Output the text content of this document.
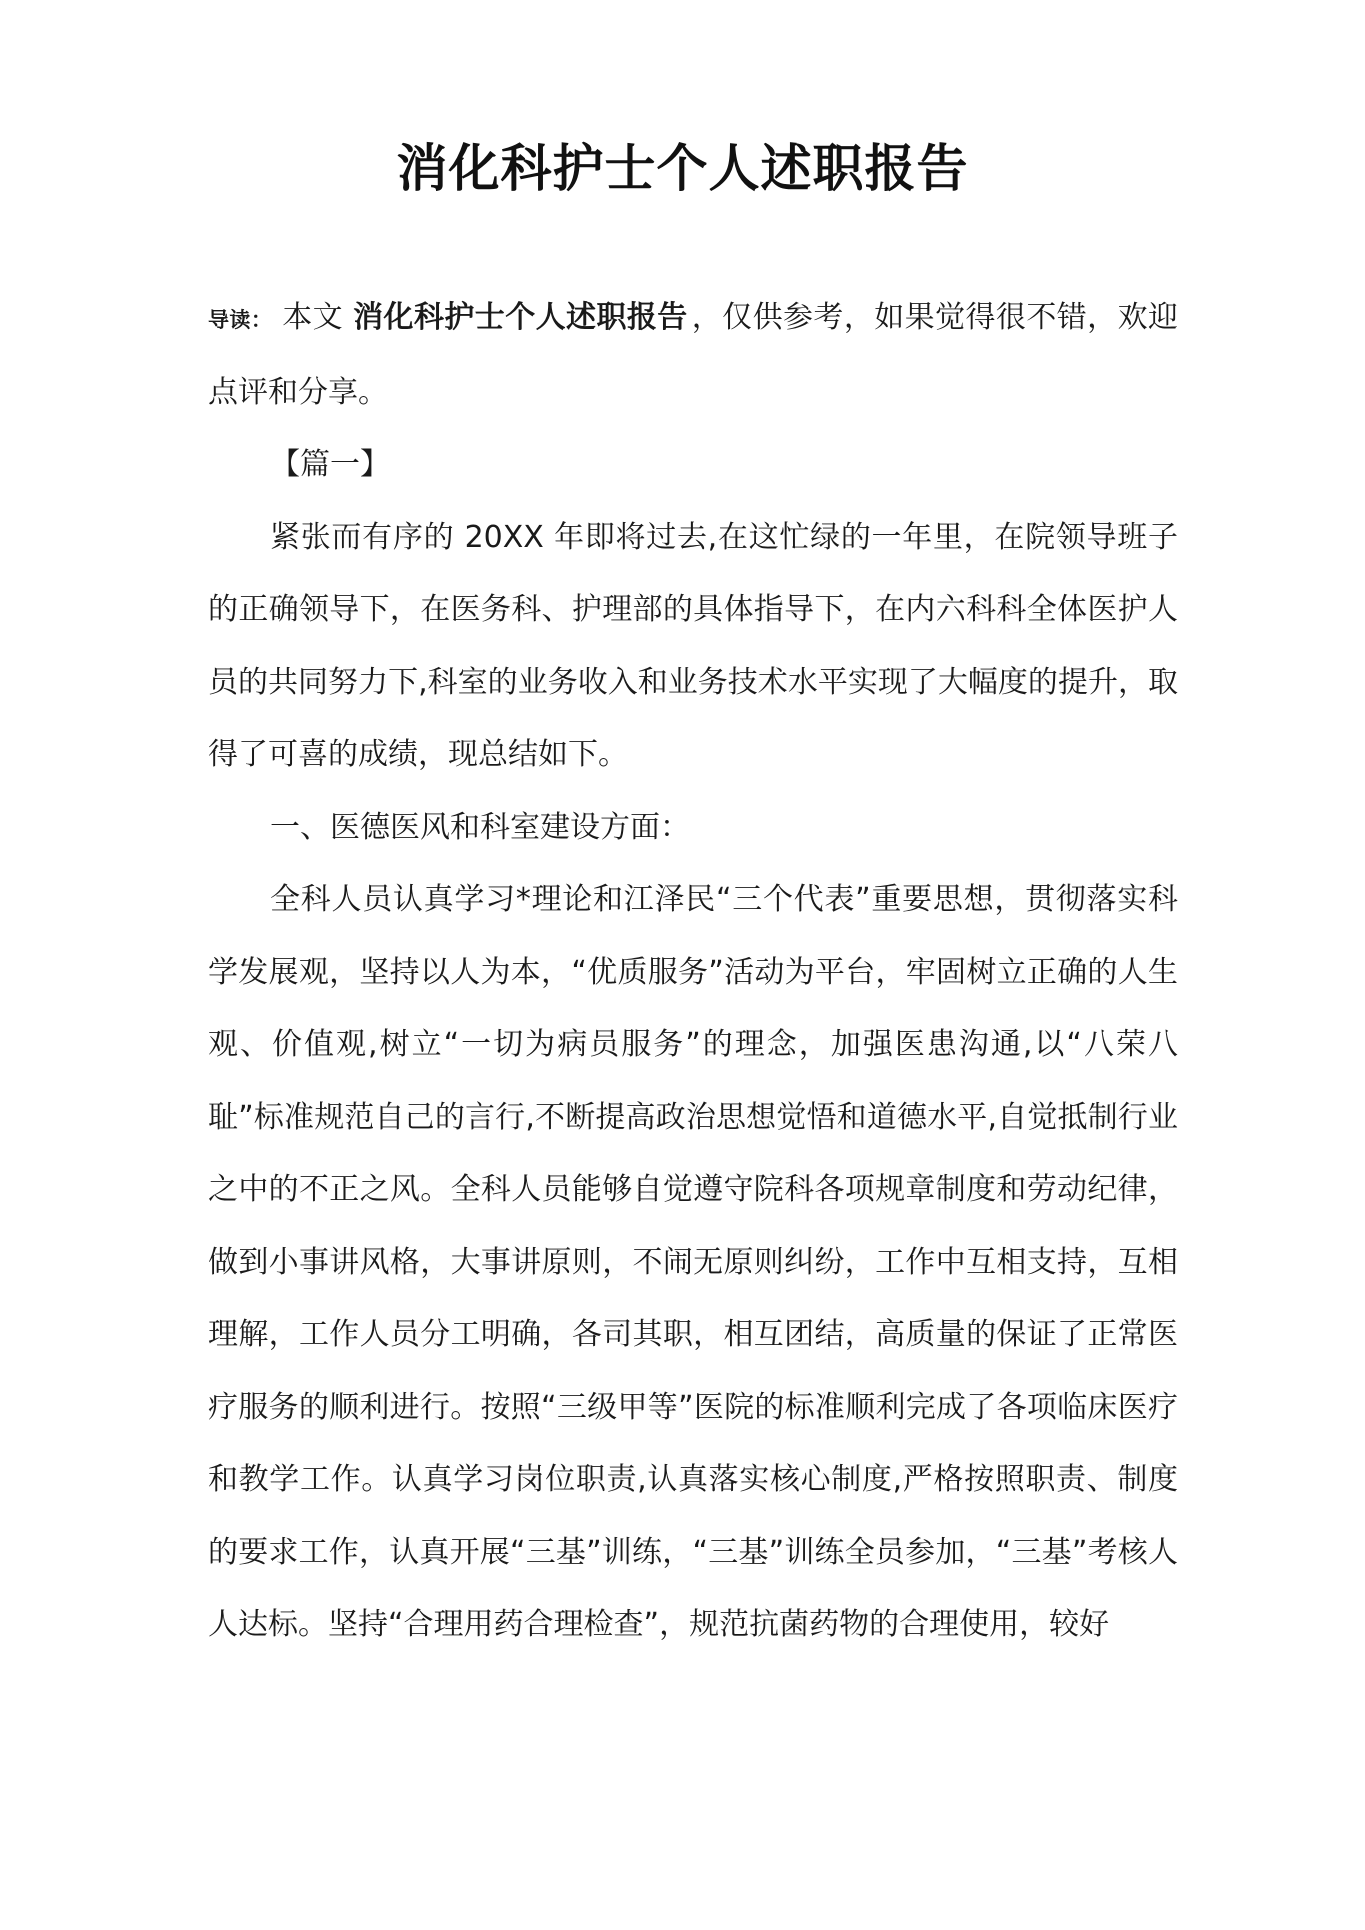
消化科护士个人述职报告

导读： 本文 消化科护士个人述职报告 ，仅供参考，如果觉得很不错，欢迎点评和分享。

【篇一】

紧张而有序的 20XX 年即将过去,在这忙绿的一年里，在院领导班子的正确领导下，在医务科、护理部的具体指导下，在内六科科全体医护人员的共同努力下,科室的业务收入和业务技术水平实现了大幅度的提升，取得了可喜的成绩，现总结如下。

一、医德医风和科室建设方面：

全科人员认真学习*理论和江泽民“三个代表”重要思想，贯彻落实科学发展观，坚持以人为本，“优质服务”活动为平台，牢固树立正确的人生观、价值观,树立“一切为病员服务”的理念，加强医患沟通,以“八荣八耻”标准规范自己的言行,不断提高政治思想觉悟和道德水平,自觉抵制行业之中的不正之风。全科人员能够自觉遵守院科各项规章制度和劳动纪律，做到小事讲风格，大事讲原则，不闹无原则纠纷，工作中互相支持，互相理解，工作人员分工明确，各司其职，相互团结，高质量的保证了正常医疗服务的顺利进行。按照“三级甲等”医院的标准顺利完成了各项临床医疗和教学工作。认真学习岗位职责,认真落实核心制度,严格按照职责、制度的要求工作，认真开展“三基”训练，“三基”训练全员参加，“三基”考核人人达标。坚持“合理用药合理检查”，规范抗菌药物的合理使用，较好
